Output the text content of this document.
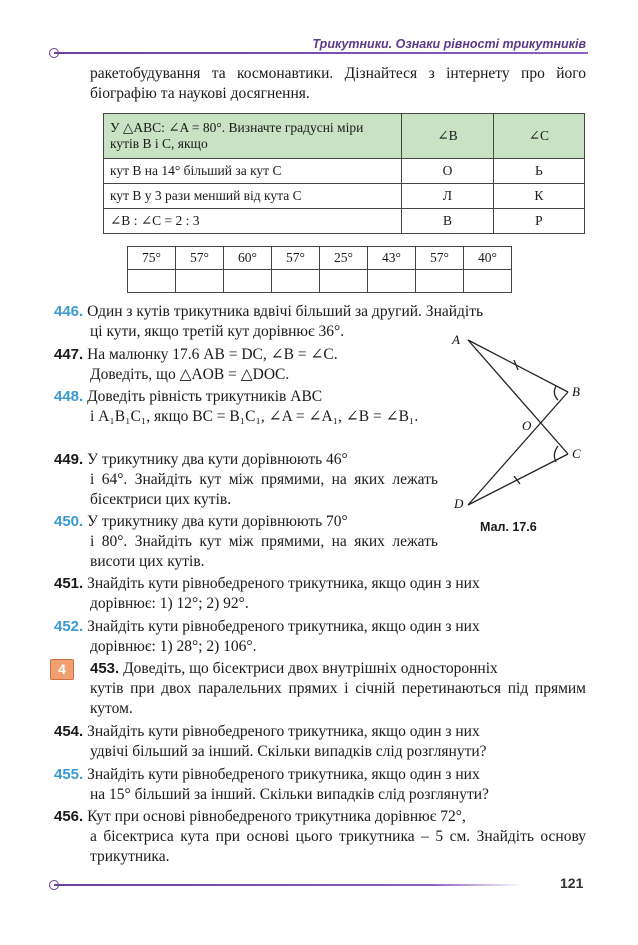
Трикутники. Ознаки рівності трикутників
ракетобудування та космонавтики. Дізнайтеся з інтернету про його біографію та наукові досягнення.
У △ABC: ∠A = 80°. Визначте градусні міри кутів B і C, якщо	∠B	∠C
кут B на 14° більший за кут C	О	Ь
кут B у 3 рази менший від кута C	Л	К
∠B : ∠C = 2 : 3	В	Р
75°	57°	60°	57°	25°	43°	57°	40°

446. Один з кутів трикутника вдвічі більший за другий. Знайдіть
ці кути, якщо третій кут дорівнює 36°.
447. На малюнку 17.6 AB = DC, ∠B = ∠C.
Доведіть, що △AOB = △DOC.
448. Доведіть рівність трикутників ABC
і A₁B₁C₁, якщо BC = B₁C₁, ∠A = ∠A₁, ∠B = ∠B₁.
449. У трикутнику два кути дорівнюють 46°
і 64°. Знайдіть кут між прямими, на яких лежать бісектриси цих кутів.
450. У трикутнику два кути дорівнюють 70°
і 80°. Знайдіть кут між прямими, на яких лежать висоти цих кутів.
451. Знайдіть кути рівнобедреного трикутника, якщо один з них
дорівнює: 1) 12°; 2) 92°.
452. Знайдіть кути рівнобедреного трикутника, якщо один з них
дорівнює: 1) 28°; 2) 106°.
4	453. Доведіть, що бісектриси двох внутрішніх односторонніх
кутів при двох паралельних прямих і січній перетинаються під прямим кутом.
454. Знайдіть кути рівнобедреного трикутника, якщо один з них
удвічі більший за інший. Скільки випадків слід розглянути?
455. Знайдіть кути рівнобедреного трикутника, якщо один з них
на 15° більший за інший. Скільки випадків слід розглянути?
456. Кут при основі рівнобедреного трикутника дорівнює 72°,
а бісектриса кута при основі цього трикутника – 5 см. Знайдіть основу трикутника.
A
B
O
C
D
Мал. 17.6
121
